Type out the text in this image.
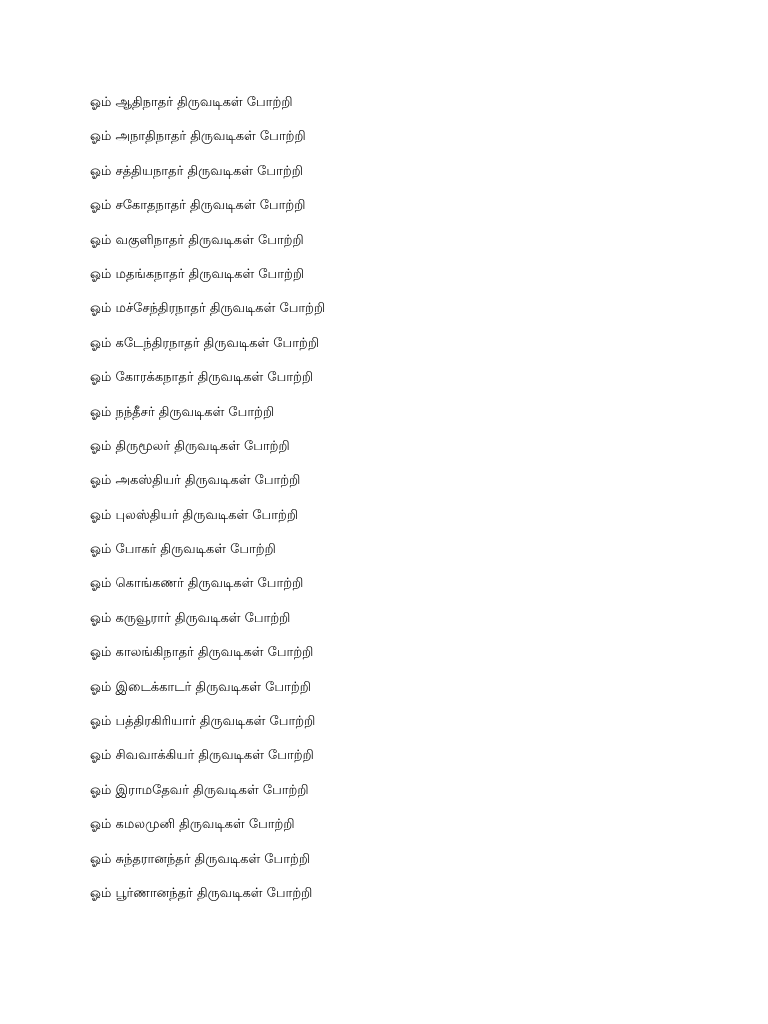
ஓம் ஆதிநாதர் திருவடிகள் போற்றி
ஓம் அநாதிநாதர் திருவடிகள் போற்றி
ஓம் சத்தியநாதர் திருவடிகள் போற்றி
ஓம் சகோதநாதர் திருவடிகள் போற்றி
ஓம் வகுளிநாதர் திருவடிகள் போற்றி
ஓம் மதங்கநாதர் திருவடிகள் போற்றி
ஓம் மச்சேந்திரநாதர் திருவடிகள் போற்றி
ஓம் கடேந்திரநாதர் திருவடிகள் போற்றி
ஓம் கோரக்கநாதர் திருவடிகள் போற்றி
ஓம் நந்தீசர் திருவடிகள் போற்றி
ஓம் திருமூலர் திருவடிகள் போற்றி
ஓம் அகஸ்தியர் திருவடிகள் போற்றி
ஓம் புலஸ்தியர் திருவடிகள் போற்றி
ஓம் போகர் திருவடிகள் போற்றி
ஓம் கொங்கணர் திருவடிகள் போற்றி
ஓம் கருவூரார் திருவடிகள் போற்றி
ஓம் காலங்கிநாதர் திருவடிகள் போற்றி
ஓம் இடைக்காடர் திருவடிகள் போற்றி
ஓம் பத்திரகிரியார் திருவடிகள் போற்றி
ஓம் சிவவாக்கியர் திருவடிகள் போற்றி
ஓம் இராமதேவர் திருவடிகள் போற்றி
ஓம் கமலமுனி திருவடிகள் போற்றி
ஓம் சுந்தரானந்தர் திருவடிகள் போற்றி
ஓம் பூர்ணானந்தர் திருவடிகள் போற்றி
